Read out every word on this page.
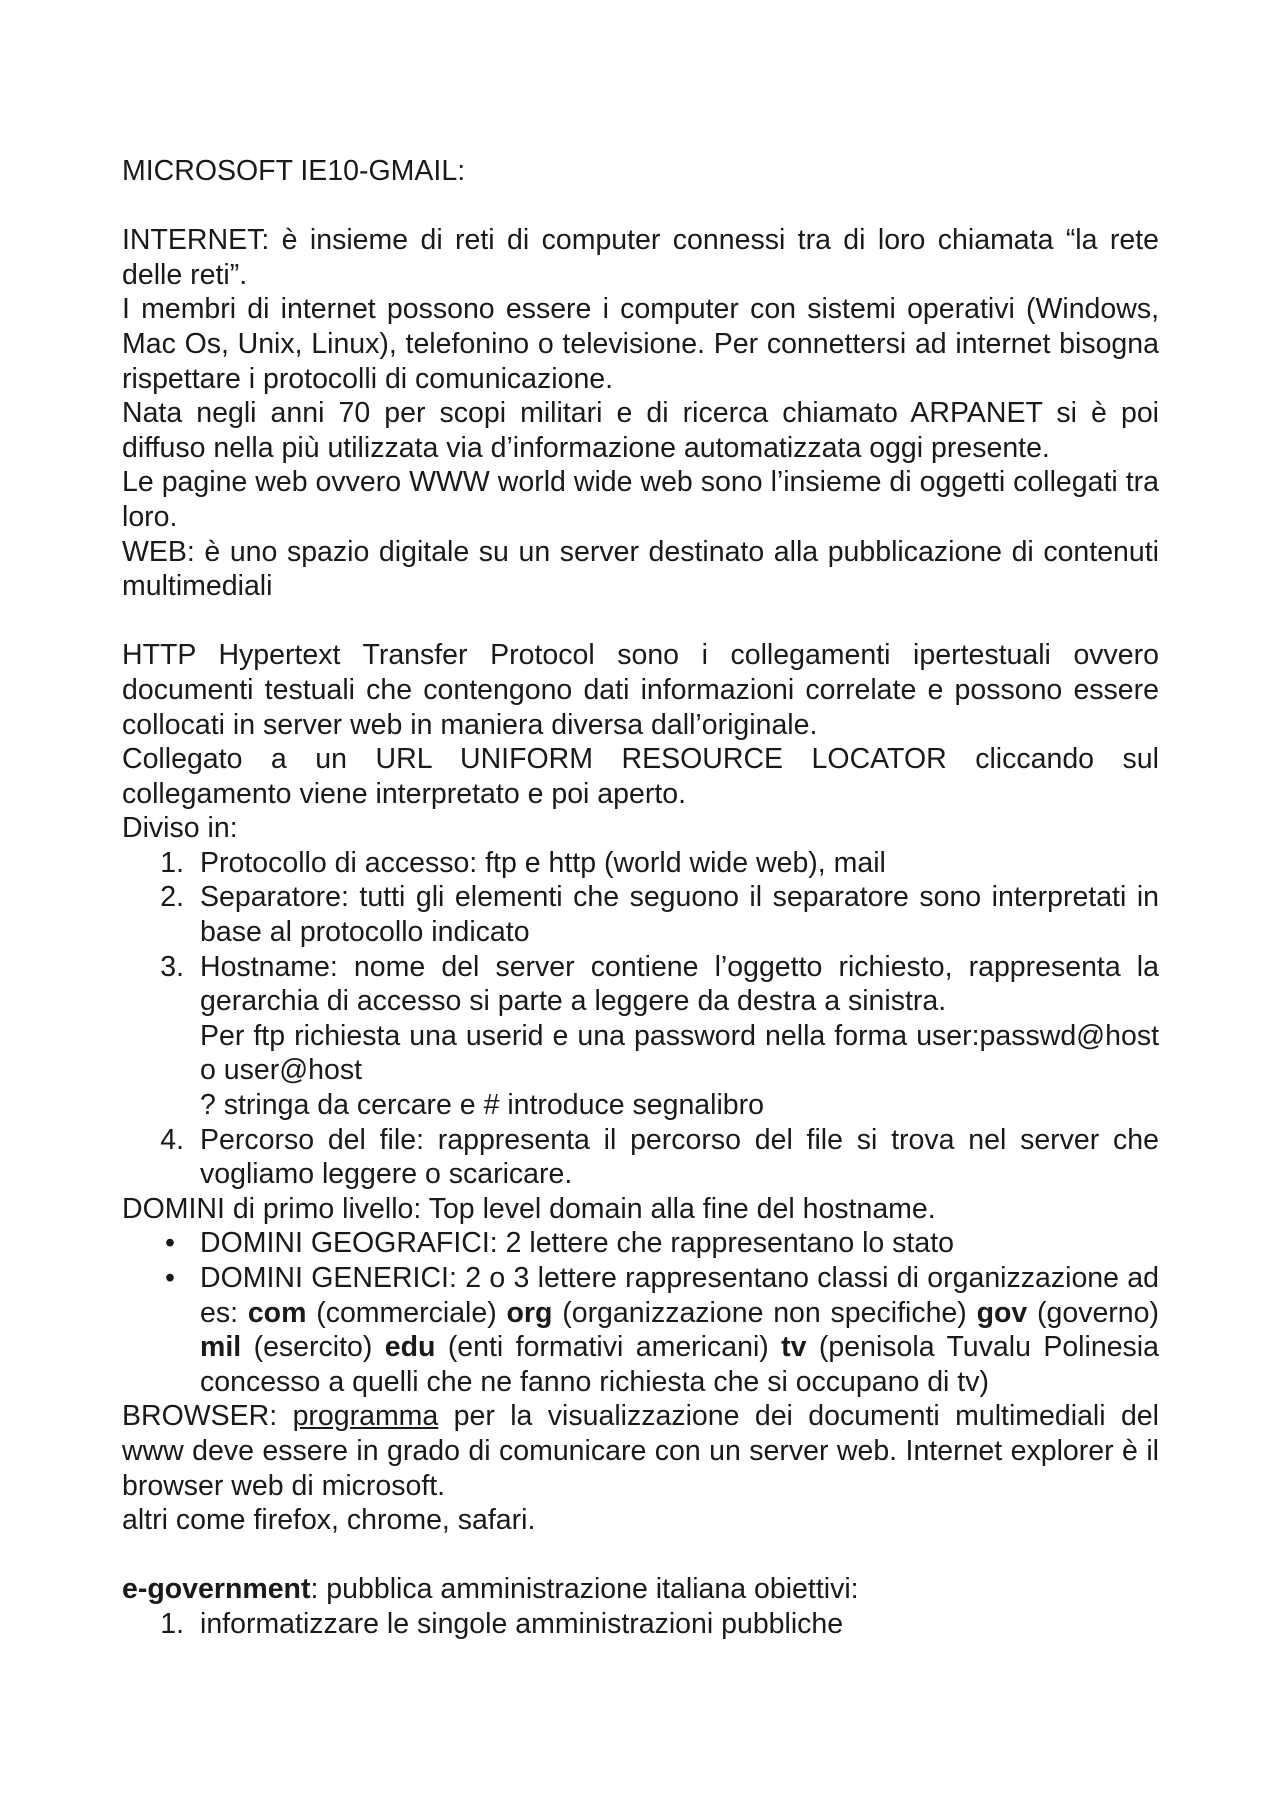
MICROSOFT IE10-GMAIL:

INTERNET: è insieme di reti di computer connessi tra di loro chiamata “la rete delle reti”.

I membri di internet possono essere i computer con sistemi operativi (Windows, Mac Os, Unix, Linux), telefonino o televisione. Per connettersi ad internet bisogna rispettare i protocolli di comunicazione.

Nata negli anni 70 per scopi militari e di ricerca chiamato ARPANET si è poi diffuso nella più utilizzata via d’informazione automatizzata oggi presente.

Le pagine web ovvero WWW world wide web sono l’insieme di oggetti collegati tra loro.

WEB: è uno spazio digitale su un server destinato alla pubblicazione di contenuti multimediali

HTTP Hypertext Transfer Protocol sono i collegamenti ipertestuali ovvero documenti testuali che contengono dati informazioni correlate e possono essere collocati in server web in maniera diversa dall’originale.

Collegato a un URL UNIFORM RESOURCE LOCATOR cliccando sul collegamento viene interpretato e poi aperto.

Diviso in:

1. Protocollo di accesso: ftp e http (world wide web), mail
2. Separatore: tutti gli elementi che seguono il separatore sono interpretati in base al protocollo indicato
3. Hostname: nome del server contiene l’oggetto richiesto, rappresenta la gerarchia di accesso si parte a leggere da destra a sinistra.
Per ftp richiesta una userid e una password nella forma user:passwd@host o user@host
? stringa da cercare e # introduce segnalibro
4. Percorso del file: rappresenta il percorso del file si trova nel server che vogliamo leggere o scaricare.

DOMINI di primo livello: Top level domain alla fine del hostname.

• DOMINI GEOGRAFICI: 2 lettere che rappresentano lo stato
• DOMINI GENERICI: 2 o 3 lettere rappresentano classi di organizzazione ad es: com (commerciale) org (organizzazione non specifiche) gov (governo) mil (esercito) edu (enti formativi americani) tv (penisola Tuvalu Polinesia concesso a quelli che ne fanno richiesta che si occupano di tv)

BROWSER: programma per la visualizzazione dei documenti multimediali del www deve essere in grado di comunicare con un server web. Internet explorer è il browser web di microsoft.

altri come firefox, chrome, safari.

e-government: pubblica amministrazione italiana obiettivi:

1. informatizzare le singole amministrazioni pubbliche
